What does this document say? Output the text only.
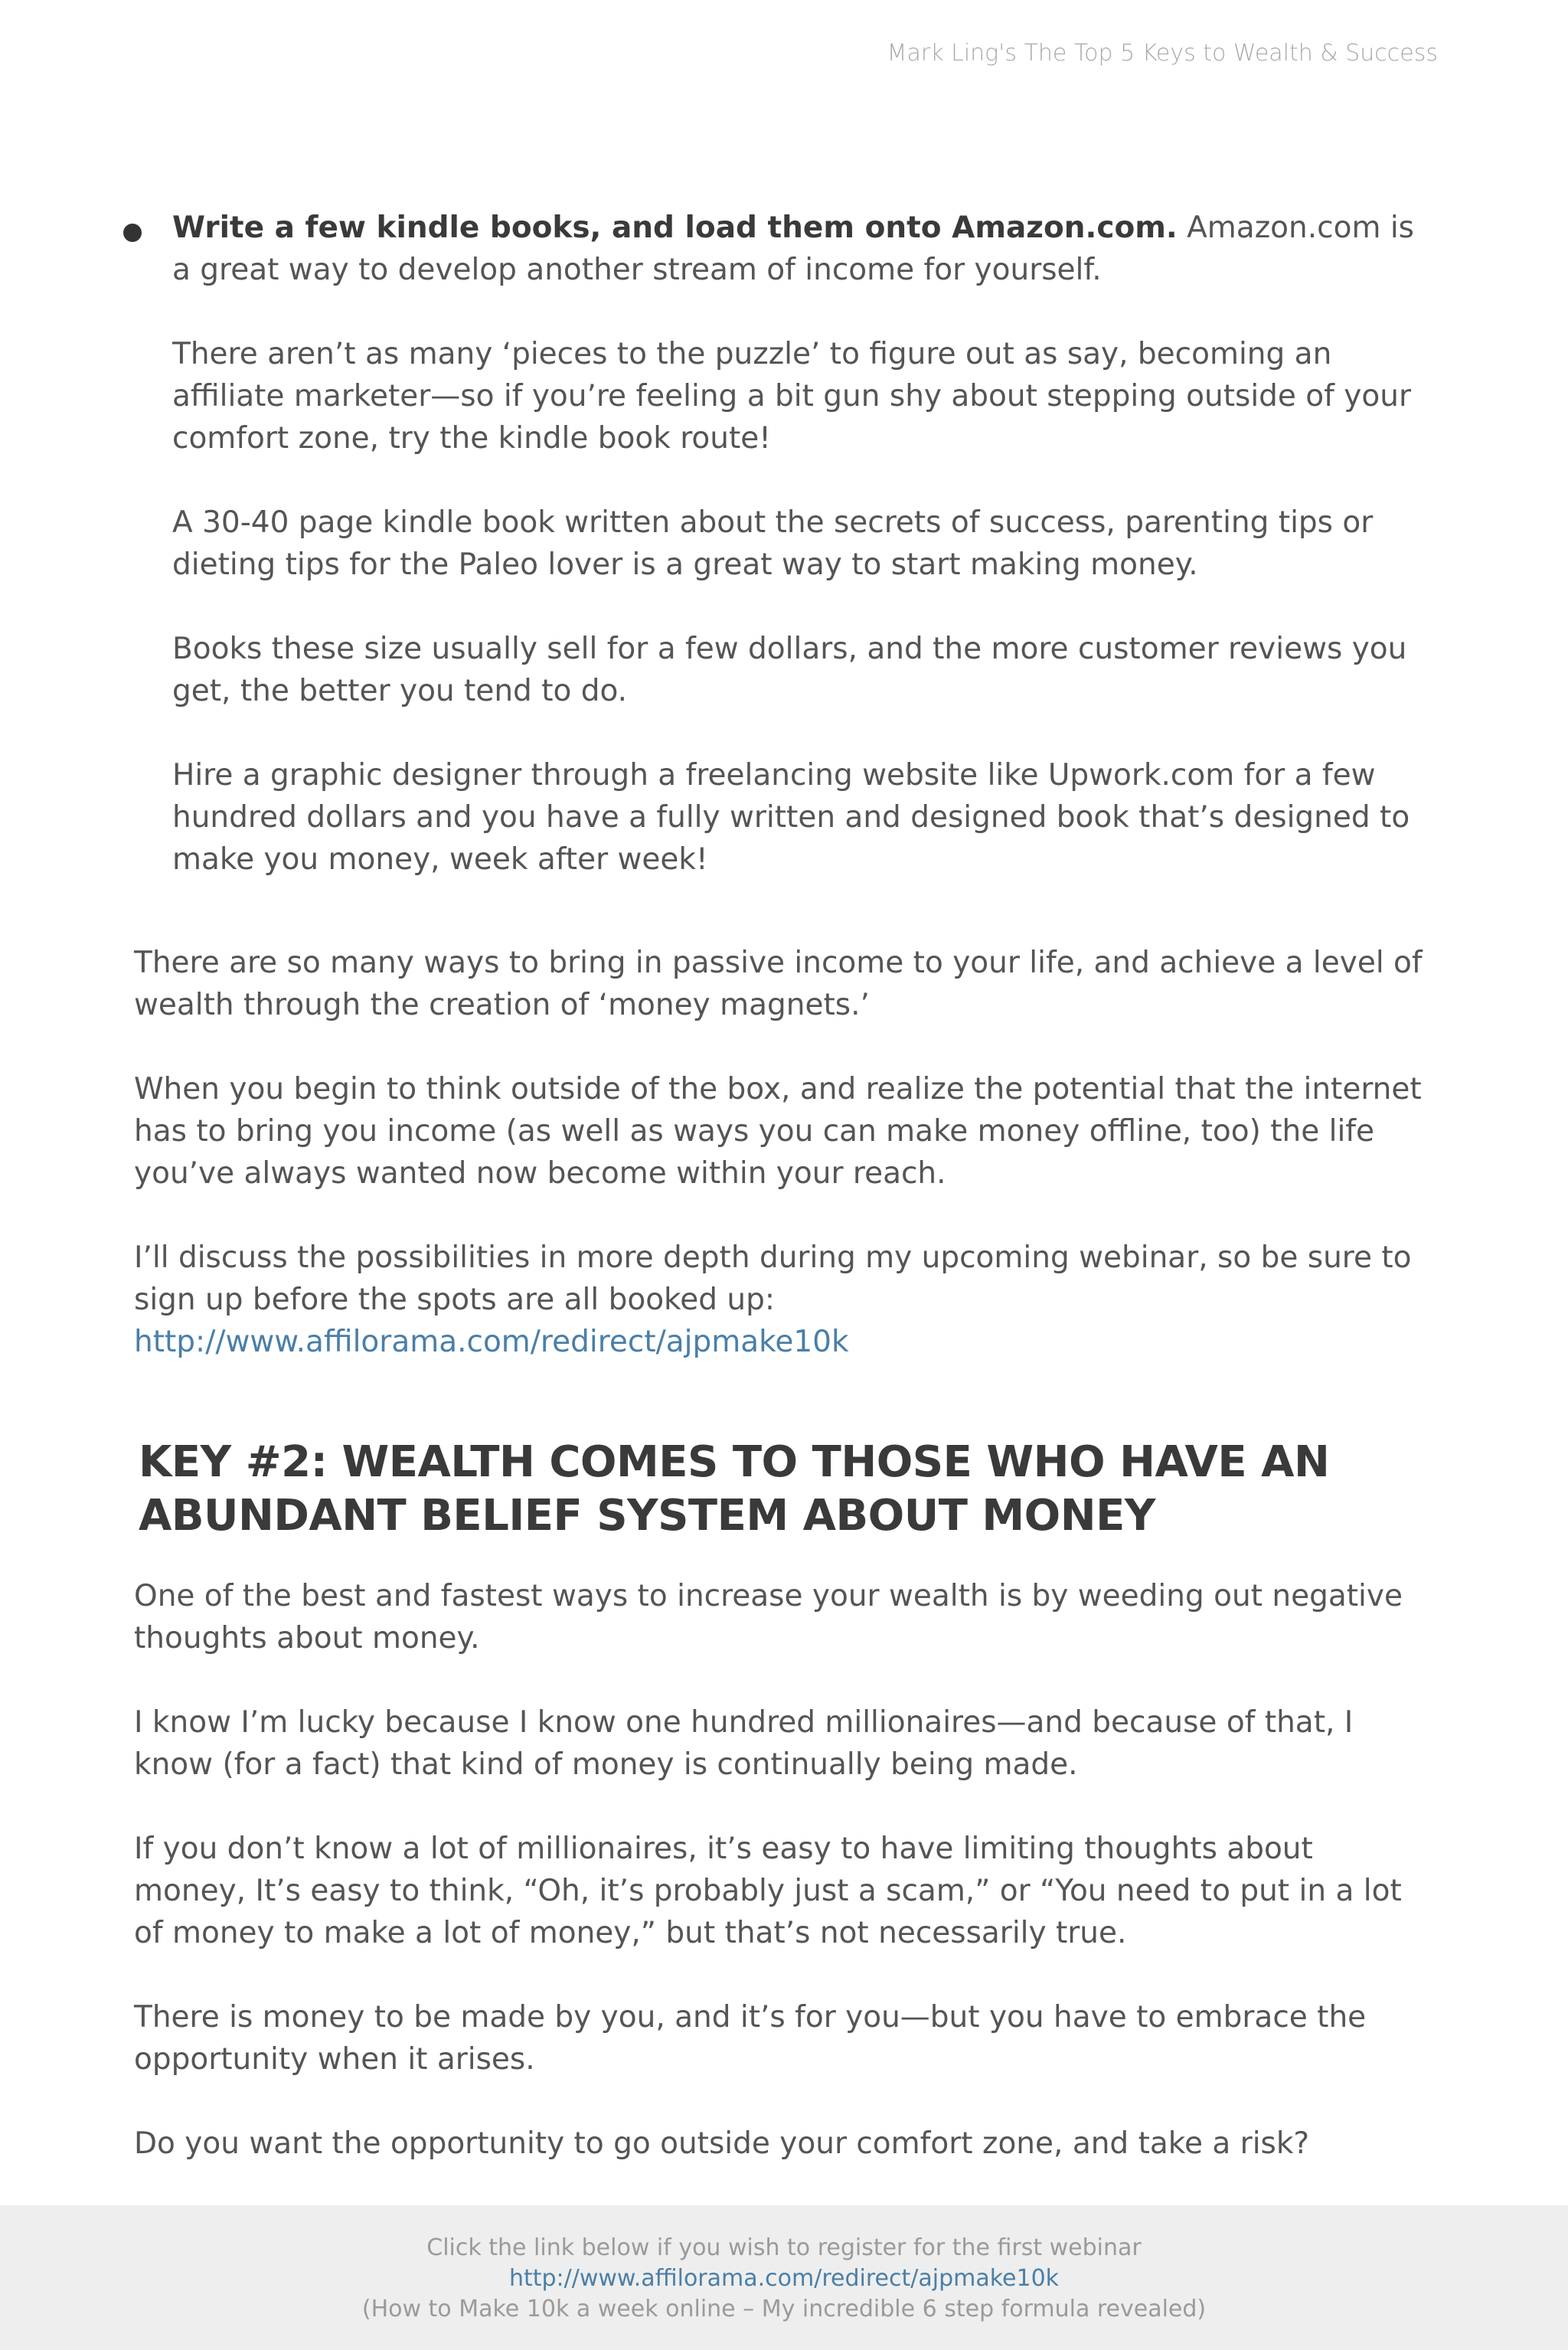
Mark Ling's The Top 5 Keys to Wealth & Success

Write a few kindle books, and load them onto Amazon.com. Amazon.com is a great way to develop another stream of income for yourself.

There aren’t as many ‘pieces to the puzzle’ to figure out as say, becoming an affiliate marketer—so if you’re feeling a bit gun shy about stepping outside of your comfort zone, try the kindle book route!

A 30-40 page kindle book written about the secrets of success, parenting tips or dieting tips for the Paleo lover is a great way to start making money.

Books these size usually sell for a few dollars, and the more customer reviews you get, the better you tend to do.

Hire a graphic designer through a freelancing website like Upwork.com for a few hundred dollars and you have a fully written and designed book that’s designed to make you money, week after week!

There are so many ways to bring in passive income to your life, and achieve a level of wealth through the creation of ‘money magnets.’

When you begin to think outside of the box, and realize the potential that the internet has to bring you income (as well as ways you can make money offline, too) the life you’ve always wanted now become within your reach.

I’ll discuss the possibilities in more depth during my upcoming webinar, so be sure to sign up before the spots are all booked up: http://www.affilorama.com/redirect/ajpmake10k

KEY #2: WEALTH COMES TO THOSE WHO HAVE AN ABUNDANT BELIEF SYSTEM ABOUT MONEY

One of the best and fastest ways to increase your wealth is by weeding out negative thoughts about money.

I know I’m lucky because I know one hundred millionaires—and because of that, I know (for a fact) that kind of money is continually being made.

If you don’t know a lot of millionaires, it’s easy to have limiting thoughts about money, It’s easy to think, “Oh, it’s probably just a scam,” or “You need to put in a lot of money to make a lot of money,” but that’s not necessarily true.

There is money to be made by you, and it’s for you—but you have to embrace the opportunity when it arises.

Do you want the opportunity to go outside your comfort zone, and take a risk?

Click the link below if you wish to register for the first webinar
http://www.affilorama.com/redirect/ajpmake10k
(How to Make 10k a week online – My incredible 6 step formula revealed)
